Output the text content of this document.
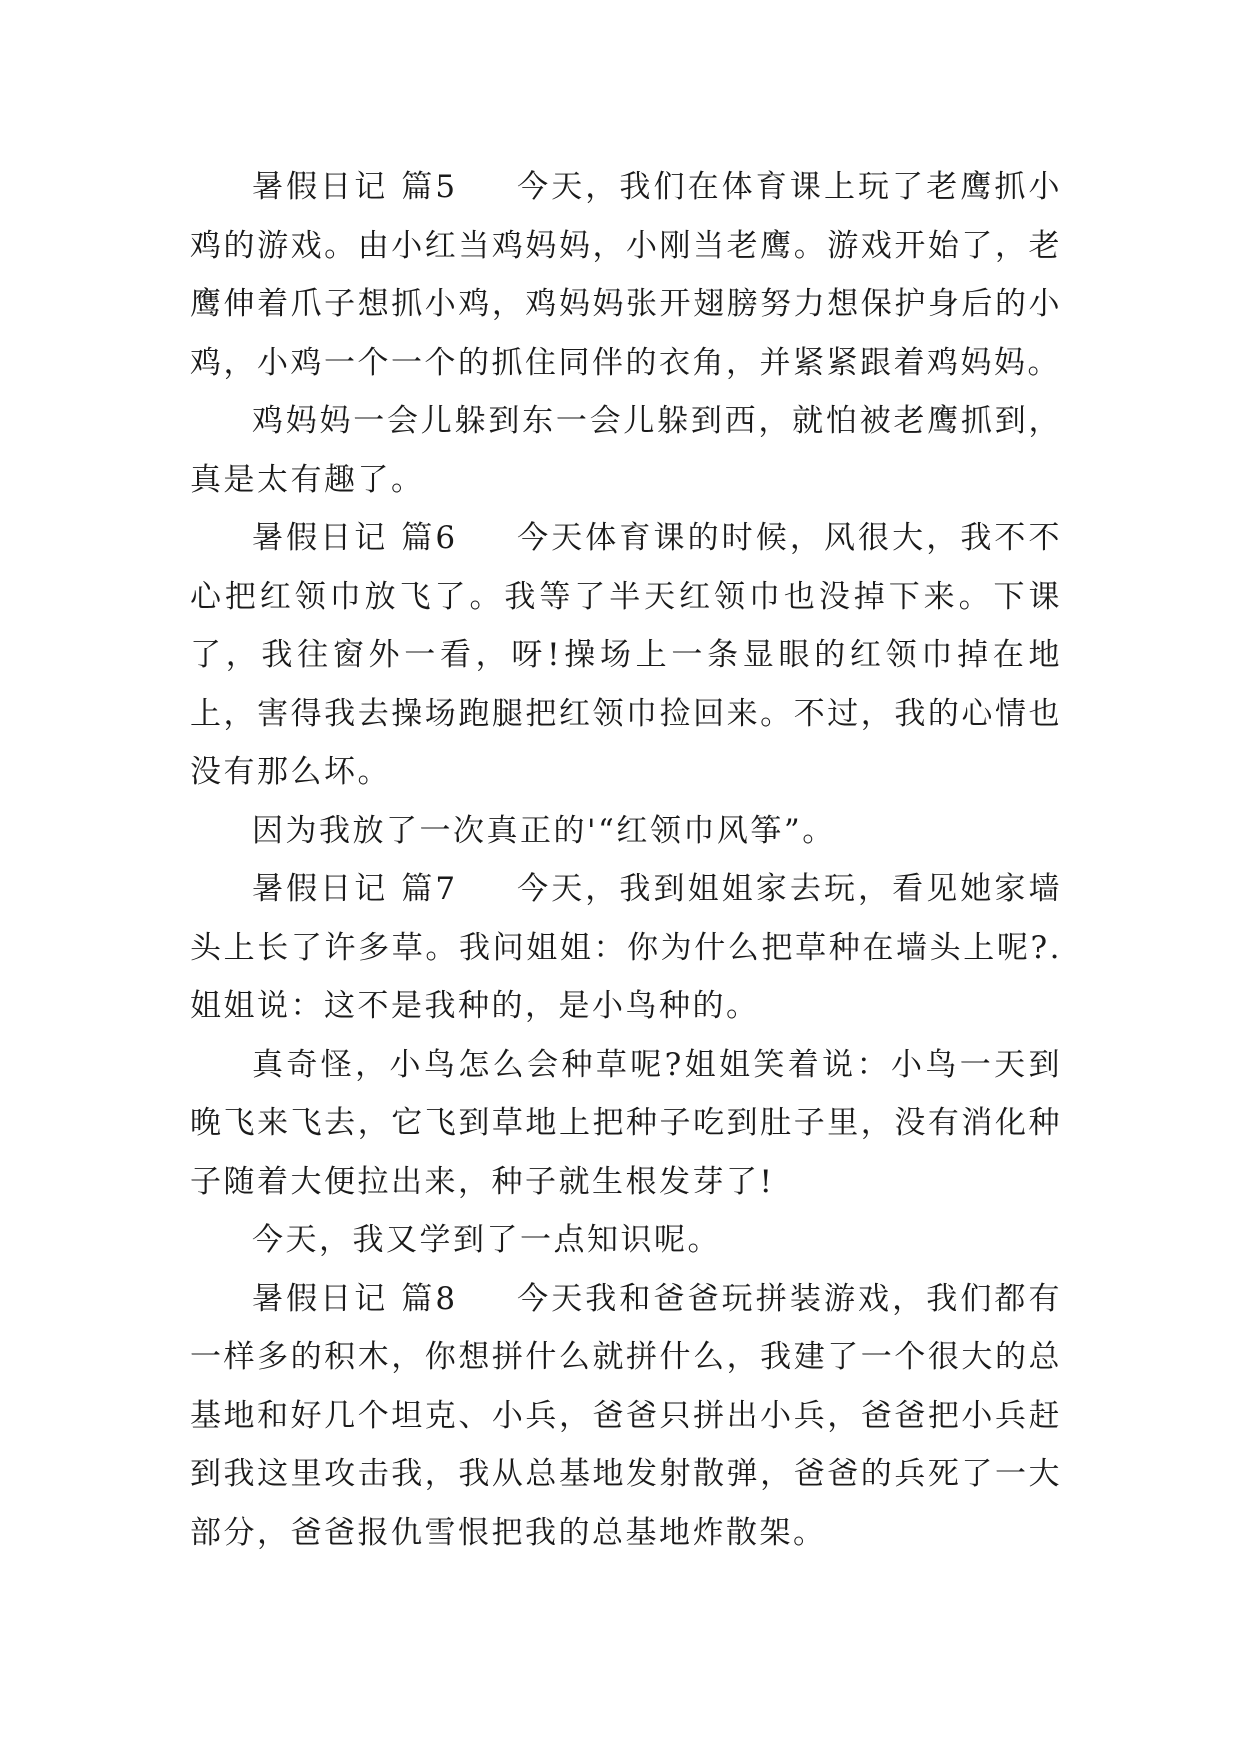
暑假日记 篇5 今天，我们在体育课上玩了老鹰抓小鸡的游戏。由小红当鸡妈妈，小刚当老鹰。游戏开始了，老鹰伸着爪子想抓小鸡，鸡妈妈张开翅膀努力想保护身后的小鸡，小鸡一个一个的抓住同伴的衣角，并紧紧跟着鸡妈妈。

鸡妈妈一会儿躲到东一会儿躲到西，就怕被老鹰抓到，真是太有趣了。

暑假日记 篇6 今天体育课的时候，风很大，我不不心把红领巾放飞了。我等了半天红领巾也没掉下来。下课了，我往窗外一看，呀!操场上一条显眼的红领巾掉在地上，害得我去操场跑腿把红领巾捡回来。不过，我的心情也没有那么坏。

因为我放了一次真正的'“红领巾风筝”。

暑假日记 篇7 今天，我到姐姐家去玩，看见她家墙头上长了许多草。我问姐姐：你为什么把草种在墙头上呢?.姐姐说：这不是我种的，是小鸟种的。

真奇怪，小鸟怎么会种草呢?姐姐笑着说：小鸟一天到晚飞来飞去，它飞到草地上把种子吃到肚子里，没有消化种子随着大便拉出来，种子就生根发芽了!

今天，我又学到了一点知识呢。

暑假日记 篇8 今天我和爸爸玩拼装游戏，我们都有一样多的积木，你想拼什么就拼什么，我建了一个很大的总基地和好几个坦克、小兵，爸爸只拼出小兵，爸爸把小兵赶到我这里攻击我，我从总基地发射散弹，爸爸的兵死了一大部分，爸爸报仇雪恨把我的总基地炸散架。
